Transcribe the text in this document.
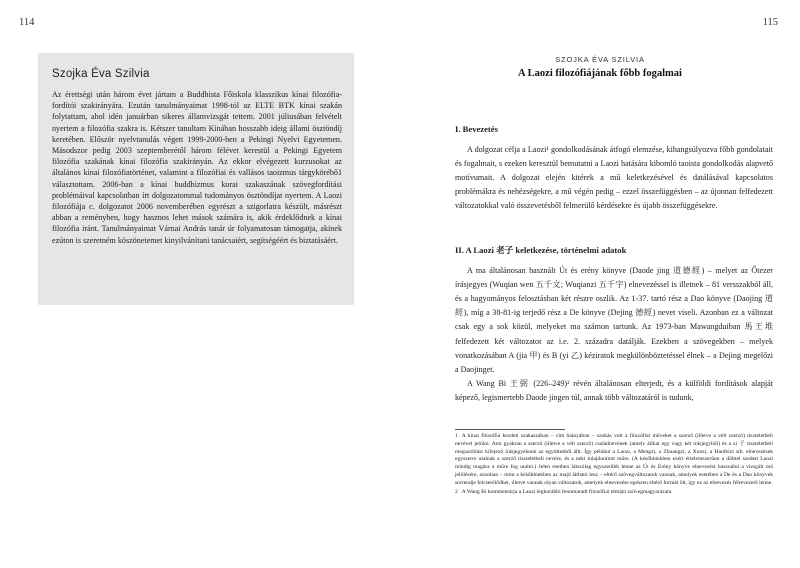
114
Szojka Éva Szilvia

Az érettségi után három évet jártam a Buddhista Főiskola klasszikus kínai filozófia-fordítói szakirányára. Ezután tanulmányaimat 1998-tól az ELTE BTK kínai szakán folytattam, ahol idén januárban sikeres államvizsgát tettem. 2001 júliusában felvételt nyertem a filozófia szakra is. Kétszer tanultam Kínában hosszabb ideig állami ösztöndíj keretében. Először nyelvtanulás végett 1999-2000-ben a Pekingi Nyelvi Egyetemen. Másodszor pedig 2003 szeptemberétől három félévet kerestül a Pekingi Egyetem filozófia szakának kínai filozófia szakirányán. Az ekkor elvégezett kurzusokat az általános kínai filozófiatörténet, valamint a filozófiai és vallásos taoizmus tárgykörébő1 választottam. 2006-ban a kínai buddhizmus korai szakaszának szövegfordítási problémáival kapcsolatban írt dolgozatommal tudományos ösztöndíjat nyertem. A Laozi filozófiája c. dolgozatot 2006 novemberében egyrészt a szigorlatra készült, másrészt abban a reményben, hogy hasznos lehet mások számára is, akik érdeklődnek a kínai filozófia iránt. Tanulmányaimat Várnai András tanár úr folyamatosan támogatja, akinek ezúton is szeretném köszönetemet kinyilvánítani tanácsaiért, segítségéért és biztatásáért.

115
SZOJKA ÉVA SZILVIA
A Laozi filozófiájának főbb fogalmai
I. Bevezetés

A dolgozat célja a Laozi¹ gondolkodásának átfogó elemzése, kihangsúlyozva főbb gondolatait és fogalmait, s ezeken keresztül bemutatni a Laozi hatására kibomló taoista gondolkodás alapvető motívumait. A dolgozat elején kitérek a mű keletkezésével és datálásával kapcsolatos problémákra és nehézségekre, a mű végén pedig – ezzel összefüggésben – az újonnan felfedezett változatokkal való összevetésből felmerülő kérdésekre és újabb összefüggésekre.

II. A Laozi 老子 keletkezése, történelmi adatok

A ma általánosan használt Út és erény könyve (Daode jing 道德經) – melyet az Őtezer írásjegyes (Wuqian wen 五千文; Wuqianzi 五千字) elnevezéssel is illetnek – 81 versszakból áll, és a hagyományos felosztásban két részre oszlik. Az 1-37. tartó rész a Dao könyve (Daojing 道經), míg a 38-81-ig terjedő rész a De könyve (Dejing 德經) nevet viseli. Azonban ez a változat csak egy a sok közül, melyeket ma számon tartunk. Az 1973-ban Mawangduiban 馬王堆 felfedezett két változatot az i.e. 2. századra datálják. Ezekben a szövegekben – melyek vonatkozásában A (jia 甲) és B (yi 乙) kéziratok megkülönböztetéssel élnek – a Dejing megelőzi a Daojinget.

A Wang Bi 王弼 (226–249)² révén általánosan elterjedt, és a külföldi fordítások alapját képező, legismertebb Daode jingen túl, annak több változatáról is tudunk,

1 A kínai filozófia kezdeti szakaszában – cím hiányában – szokás volt a filozófiai műveket a szerző (illetve a vélt szerző) tiszteletbeli nevével jelölni. Ami gyakran a szerző (illetve a vélt szerző) családnevének (amely állhat egy vagy két írásjegyből) és a zi 子 tiszteletbeli megszólítást kifejező írásjegyeknek az együttesből állt. Így például a Laozi, a Mengzi, a Zhuangzi, a Xunzi, a Hanfeizi stb. elnevezések egyszerre utalnak a szerző tiszteletbeli nevére, és a neki tulajdonított műre. (A későbbiekben ezért értelemszerűen a dőlttel szedett Laozi mindig magára a műre fog utalni.) Jelen esetben látszólag egyszerűbb lenne az Út és Erény könyve elnevezést használni a vizsgált mű jelölésére, azonban – mint a későbbiekben az majd látható lesz – eltérő szövegváltozatok vannak, amelyek esetében a De és a Dao könyvek sorrendje felcserélődhet, illetve vannak olyan változatok, amelyek elnevezése egészen eltérő formát ölt, így ez az elnevezés félrevezető lenne.

2 A Wang Bi kommentárja a Laozi legkorábbi fennmaradt filozófiai témájú szövegmagyarázata.
